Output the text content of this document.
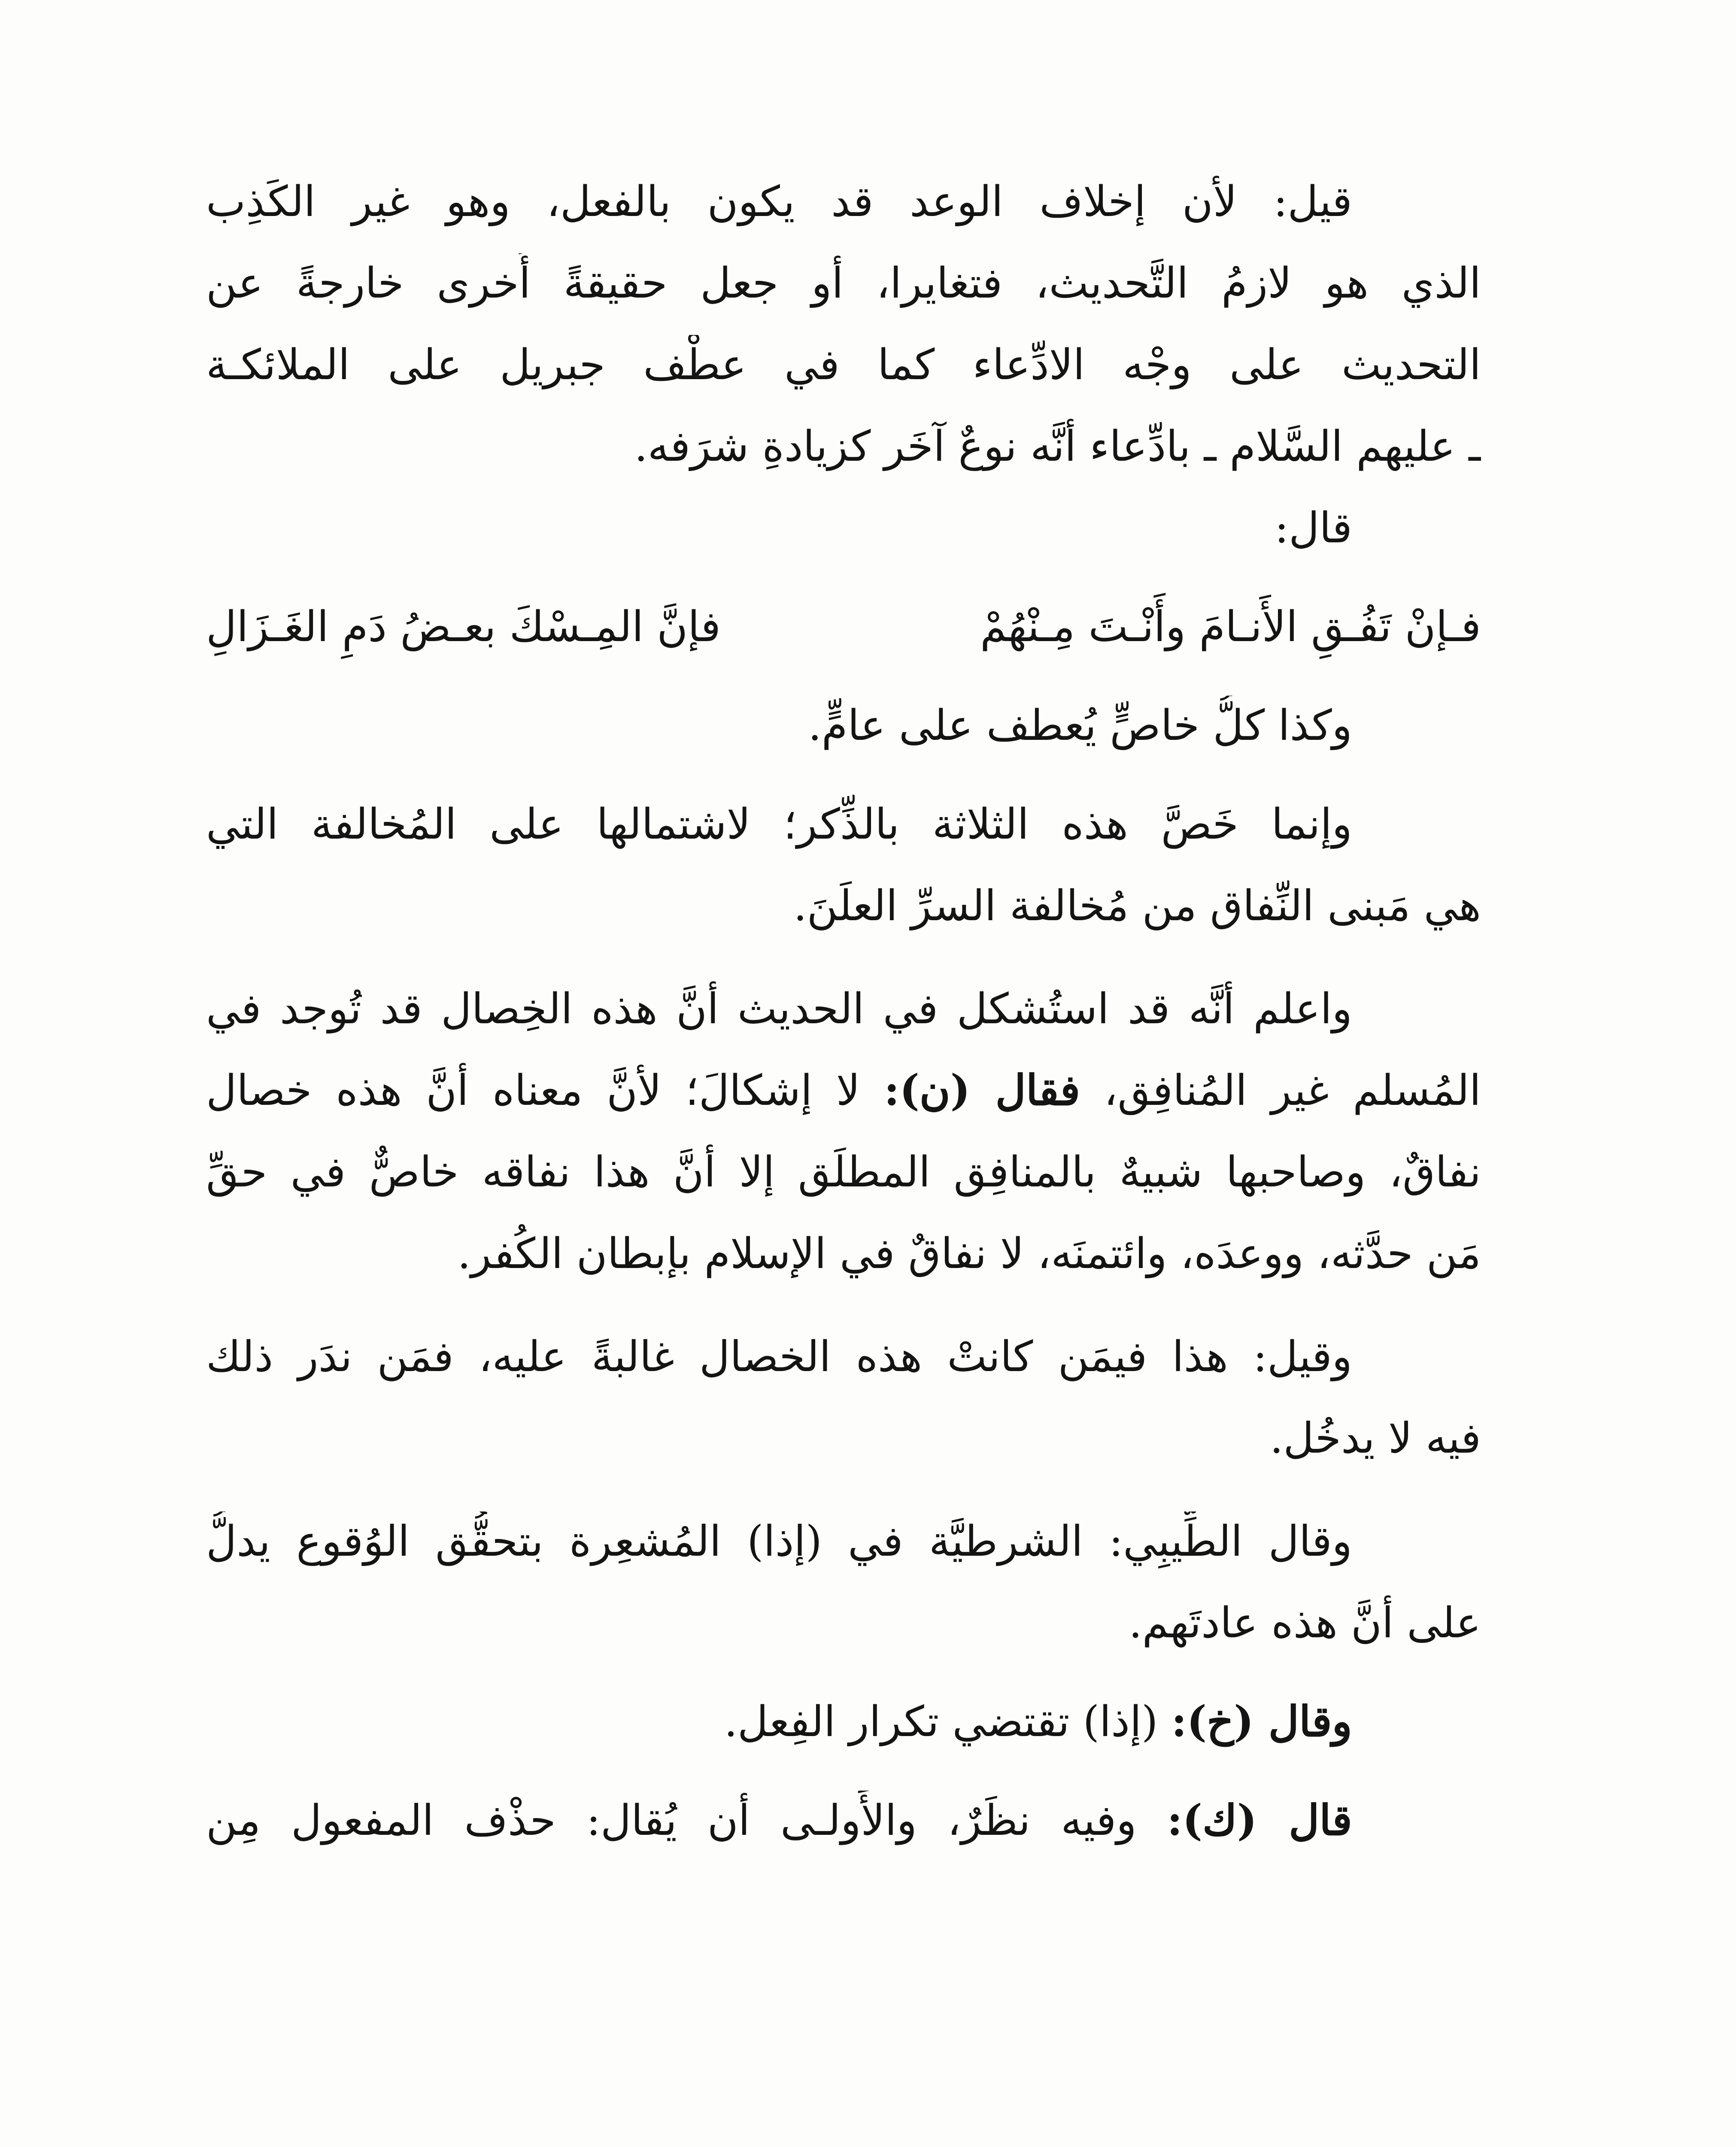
قيل: لأن إخلاف الوعد قد يكون بالفعل، وهو غير الكَذِب
الذي هو لازمُ التَّحديث، فتغايرا، أو جعل حقيقةً أُخرى خارجةً عن
التحديث على وجْه الادِّعاء كما في عطْف جبريل على الملائكـة
ـ عليهم السَّلام ـ بادِّعاء أنَّه نوعٌ آخَر كزيادةِ شرَفه.
قال:
فـإنْ تَفُـقِ الأَنـامَ وأَنْـتَ مِـنْهُمْ
فإنَّ المِـسْكَ بعـضُ دَمِ الغَـزَالِ
وكذا كلُّ خاصٍّ يُعطف على عامٍّ.
وإنما خَصَّ هذه الثلاثة بالذِّكر؛ لاشتمالها على المُخالفة التي
هي مَبنى النِّفاق من مُخالفة السرِّ العلَنَ.
واعلم أنَّه قد استُشكل في الحديث أنَّ هذه الخِصال قد تُوجد في
المُسلم غير المُنافِق، فقال (ن): لا إشكالَ؛ لأنَّ معناه أنَّ هذه خصال
نفاقٌ، وصاحبها شبيهٌ بالمنافِق المطلَق إلا أنَّ هذا نفاقه خاصٌّ في حقِّ
مَن حدَّثه، ووعدَه، وائتمنَه، لا نفاقٌ في الإسلام بإبطان الكُفر.
وقيل: هذا فيمَن كانتْ هذه الخصال غالبةً عليه، فمَن ندَر ذلك
فيه لا يدخُل.
وقال الطِّيبِي: الشرطيَّة في (إذا) المُشعِرة بتحقُّق الوُقوع يدلُّ
على أنَّ هذه عادتَهم.
وقال (خ): (إذا) تقتضي تكرار الفِعل.
قال (ك): وفيه نظَرٌ، والأَولـى أن يُقال: حذْف المفعول مِن
